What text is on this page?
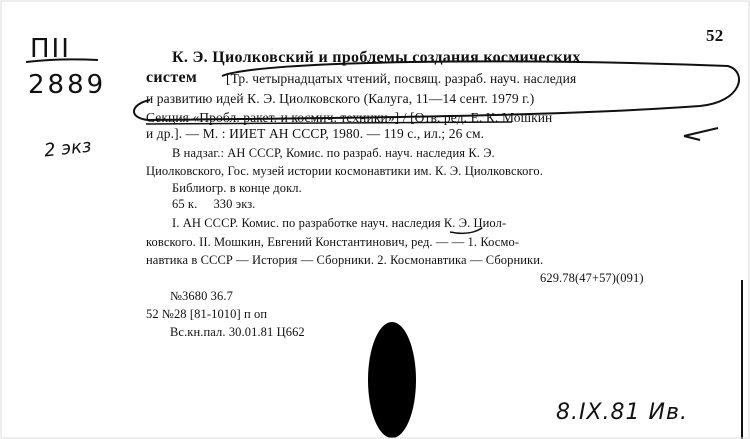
52
ПII
2889
2 экз
8.IX.81 Ив.
К. Э. Циолковский и проблемы создания космических
систем [Тр. четырнадцатых чтений, посвящ. разраб. науч. наследия
и развитию идей К. Э. Циолковского (Калуга, 11—14 сент. 1979 г.)
Секция «Пробл. ракет. и космич. техники»] / [Отв. ред. Е. К. Мошкин
и др.]. — М. : ИИЕТ АН СССР, 1980. — 119 с., ил.; 26 см.
В надзаг.: АН СССР, Комис. по разраб. науч. наследия К. Э.
Циолковского, Гос. музей истории космонавтики им. К. Э. Циолковского.
Библиогр. в конце докл.
65 к.     330 экз.
I. АН СССР. Комис. по разработке науч. наследия К. Э. Циол-
ковского. II. Мошкин, Евгений Константинович, ред. — — 1. Космо-
навтика в СССР — История — Сборники. 2. Космонавтика — Сборники.
629.78(47+57)(091)
№3680 36.7
52 №28 [81-1010] п оп
Вс.кн.пал. 30.01.81 Ц662
